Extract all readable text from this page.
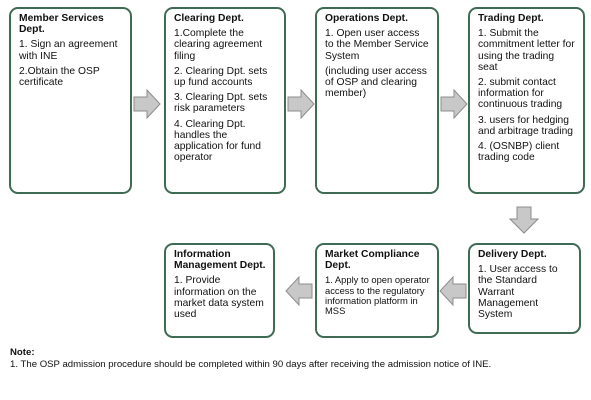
Member Services Dept.
1. Sign an agreement with INE
2.Obtain the OSP certificate
Clearing Dept.
1.Complete the clearing agreement filing
2. Clearing Dpt. sets up fund accounts
3. Clearing Dpt. sets risk parameters
4. Clearing Dpt. handles the application for fund operator
Operations Dept.
1. Open user access to the Member Service System
(including user access of OSP and clearing member)
Trading Dept.
1. Submit the commitment letter for using the trading seat
2. submit contact information for continuous trading
3. users for hedging and arbitrage trading
4. (OSNBP) client trading code
Information Management Dept.
1. Provide information on the market data system used
Market Compliance Dept.
1. Apply to open operator access to the regulatory information platform in MSS
Delivery Dept.
1. User access to the Standard Warrant Management System
Note:
1. The OSP admission procedure should be completed within 90 days after receiving the admission notice of INE.
